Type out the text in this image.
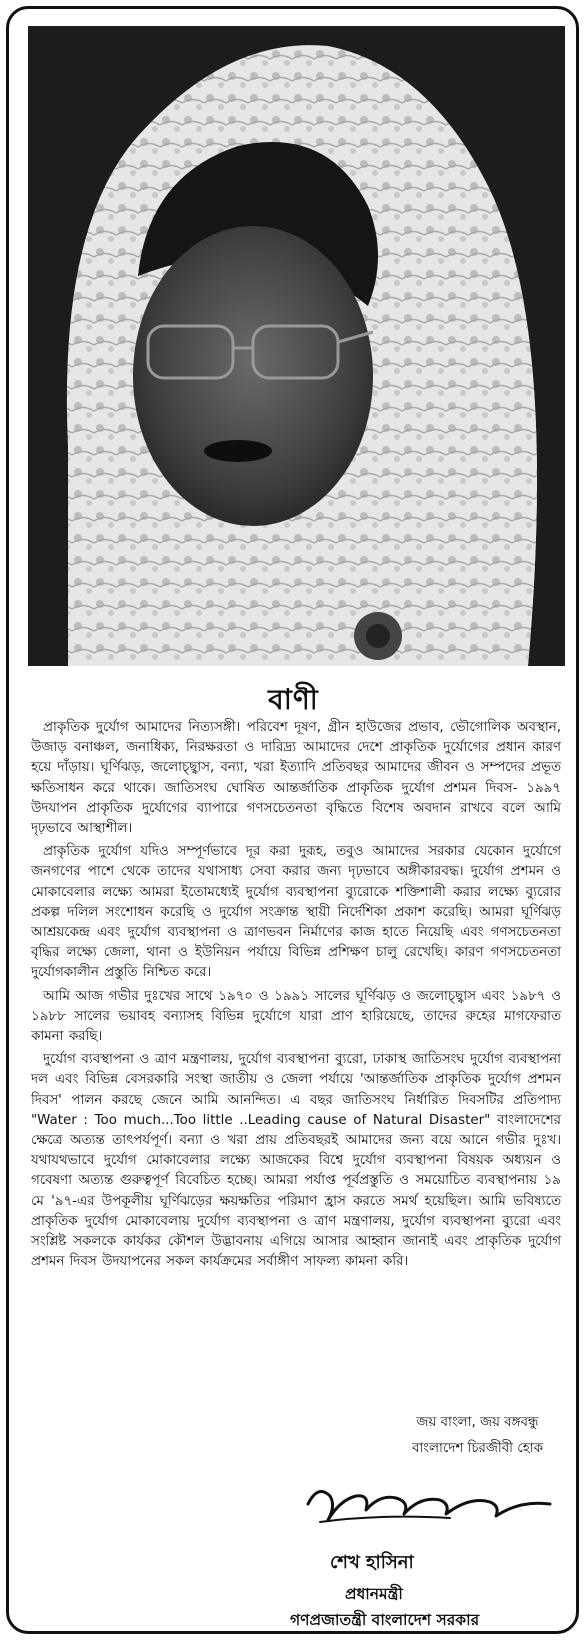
বাণী

প্রাকৃতিক দুর্যোগ আমাদের নিত্যসঙ্গী। পরিবেশ দূষণ, গ্রীন হাউজের প্রভাব, ভৌগোলিক অবস্থান, উজাড় বনাঞ্চল, জনাধিক্য, নিরক্ষরতা ও দারিদ্র্য আমাদের দেশে প্রাকৃতিক দুর্যোগের প্রধান কারণ হয়ে দাঁড়ায়। ঘূর্ণিঝড়, জলোচ্ছ্বাস, বন্যা, খরা ইত্যাদি প্রতিবছর আমাদের জীবন ও সম্পদের প্রভূত ক্ষতিসাধন করে থাকে। জাতিসংঘ ঘোষিত আন্তর্জাতিক প্রাকৃতিক দুর্যোগ প্রশমন দিবস- ১৯৯৭ উদযাপন প্রাকৃতিক দুর্যোগের ব্যাপারে গণসচেতনতা বৃদ্ধিতে বিশেষ অবদান রাখবে বলে আমি দৃঢ়ভাবে আস্থাশীল।

প্রাকৃতিক দুর্যোগ যদিও সম্পূর্ণভাবে দূর করা দুরূহ, তবুও আমাদের সরকার যেকোন দুর্যোগে জনগণের পাশে থেকে তাদের যথাসাধ্য সেবা করার জন্য দৃঢ়ভাবে অঙ্গীকারবদ্ধ। দুর্যোগ প্রশমন ও মোকাবেলার লক্ষ্যে আমরা ইতোমধ্যেই দুর্যোগ ব্যবস্থাপনা ব্যুরোকে শক্তিশালী করার লক্ষ্যে ব্যুরোর প্রকল্প দলিল সংশোধন করেছি ও দুর্যোগ সংক্রান্ত স্থায়ী নির্দেশিকা প্রকাশ করেছি। আমরা ঘূর্ণিঝড় আশ্রয়কেন্দ্র এবং দুর্যোগ ব্যবস্থাপনা ও ত্রাণভবন নির্মাণের কাজ হাতে নিয়েছি এবং গণসচেতনতা বৃদ্ধির লক্ষ্যে জেলা, থানা ও ইউনিয়ন পর্যায়ে বিভিন্ন প্রশিক্ষণ চালু রেখেছি। কারণ গণসচেতনতা দুর্যোগকালীন প্রস্তুতি নিশ্চিত করে।

আমি আজ গভীর দুঃখের সাথে ১৯৭০ ও ১৯৯১ সালের ঘূর্ণিঝড় ও জলোচ্ছ্বাস এবং ১৯৮৭ ও ১৯৮৮ সালের ভয়াবহ বন্যাসহ বিভিন্ন দুর্যোগে যারা প্রাণ হারিয়েছে, তাদের রুহের মাগফেরাত কামনা করছি।

দুর্যোগ ব্যবস্থাপনা ও ত্রাণ মন্ত্রণালয়, দুর্যোগ ব্যবস্থাপনা ব্যুরো, ঢাকাস্থ জাতিসংঘ দুর্যোগ ব্যবস্থাপনা দল এবং বিভিন্ন বেসরকারি সংস্থা জাতীয় ও জেলা পর্যায়ে 'আন্তর্জাতিক প্রাকৃতিক দুর্যোগ প্রশমন দিবস' পালন করছে জেনে আমি আনন্দিত। এ বছর জাতিসংঘ নির্ধারিত দিবসটির প্রতিপাদ্য "Water : Too much...Too little ..Leading cause of Natural Disaster" বাংলাদেশের ক্ষেত্রে অত্যন্ত তাৎপর্যপূর্ণ। বন্যা ও খরা প্রায় প্রতিবছরই আমাদের জন্য বয়ে আনে গভীর দুঃখ। যথাযথভাবে দুর্যোগ মোকাবেলার লক্ষ্যে আজকের বিশ্বে দুর্যোগ ব্যবস্থাপনা বিষয়ক অধ্যয়ন ও গবেষণা অত্যন্ত গুরুত্বপূর্ণ বিবেচিত হচ্ছে। আমরা পর্যাপ্ত পূর্বপ্রস্তুতি ও সময়োচিত ব্যবস্থাপনায় ১৯ মে '৯৭-এর উপকূলীয় ঘূর্ণিঝড়ের ক্ষয়ক্ষতির পরিমাণ হ্রাস করতে সমর্থ হয়েছিল। আমি ভবিষ্যতে প্রাকৃতিক দুর্যোগ মোকাবেলায় দুর্যোগ ব্যবস্থাপনা ও ত্রাণ মন্ত্রণালয়, দুর্যোগ ব্যবস্থাপনা ব্যুরো এবং সংশ্লিষ্ট সকলকে কার্যকর কৌশল উদ্ভাবনায় এগিয়ে আসার আহ্বান জানাই এবং প্রাকৃতিক দুর্যোগ প্রশমন দিবস উদযাপনের সকল কার্যক্রমের সর্বাঙ্গীণ সাফল্য কামনা করি।

জয় বাংলা, জয় বঙ্গবন্ধু
বাংলাদেশ চিরজীবী হোক
শেখ হাসিনা
প্রধানমন্ত্রী
গণপ্রজাতন্ত্রী বাংলাদেশ সরকার
